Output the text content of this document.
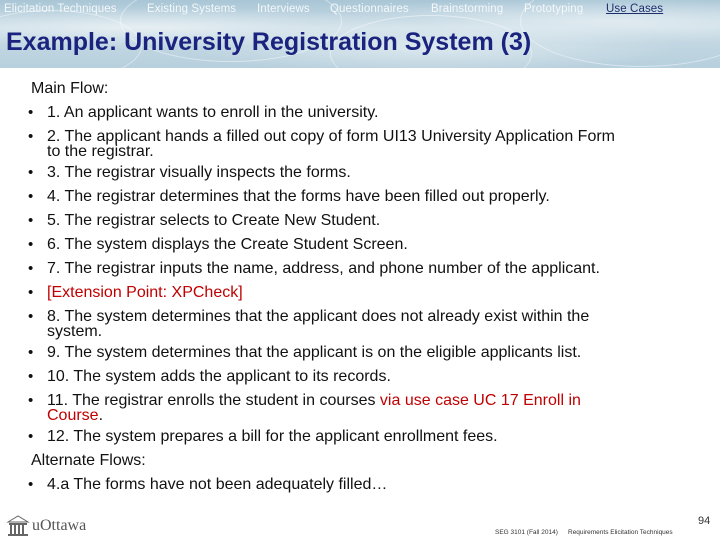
Elicitation Techniques	Existing Systems Interviews Questionnaires Brainstorming Prototyping Use Cases
Example: University Registration System (3)
Main Flow:
• 1. An applicant wants to enroll in the university.
• 2. The applicant hands a filled out copy of form UI13 University Application Form
to the registrar.
• 3. The registrar visually inspects the forms.
• 4. The registrar determines that the forms have been filled out properly.
• 5. The registrar selects to Create New Student.
• 6. The system displays the Create Student Screen.
• 7. The registrar inputs the name, address, and phone number of the applicant.
• [Extension Point: XPCheck]
• 8. The system determines that the applicant does not already exist within the
system.
• 9. The system determines that the applicant is on the eligible applicants list.
• 10. The system adds the applicant to its records.
• 11. The registrar enrolls the student in courses via use case UC 17 Enroll in
Course.
• 12. The system prepares a bill for the applicant enrollment fees.
Alternate Flows:
• 4.a The forms have not been adequately filled…
uOttawa	SEG 3101 (Fall 2014) Requirements Elicitation Techniques
94
